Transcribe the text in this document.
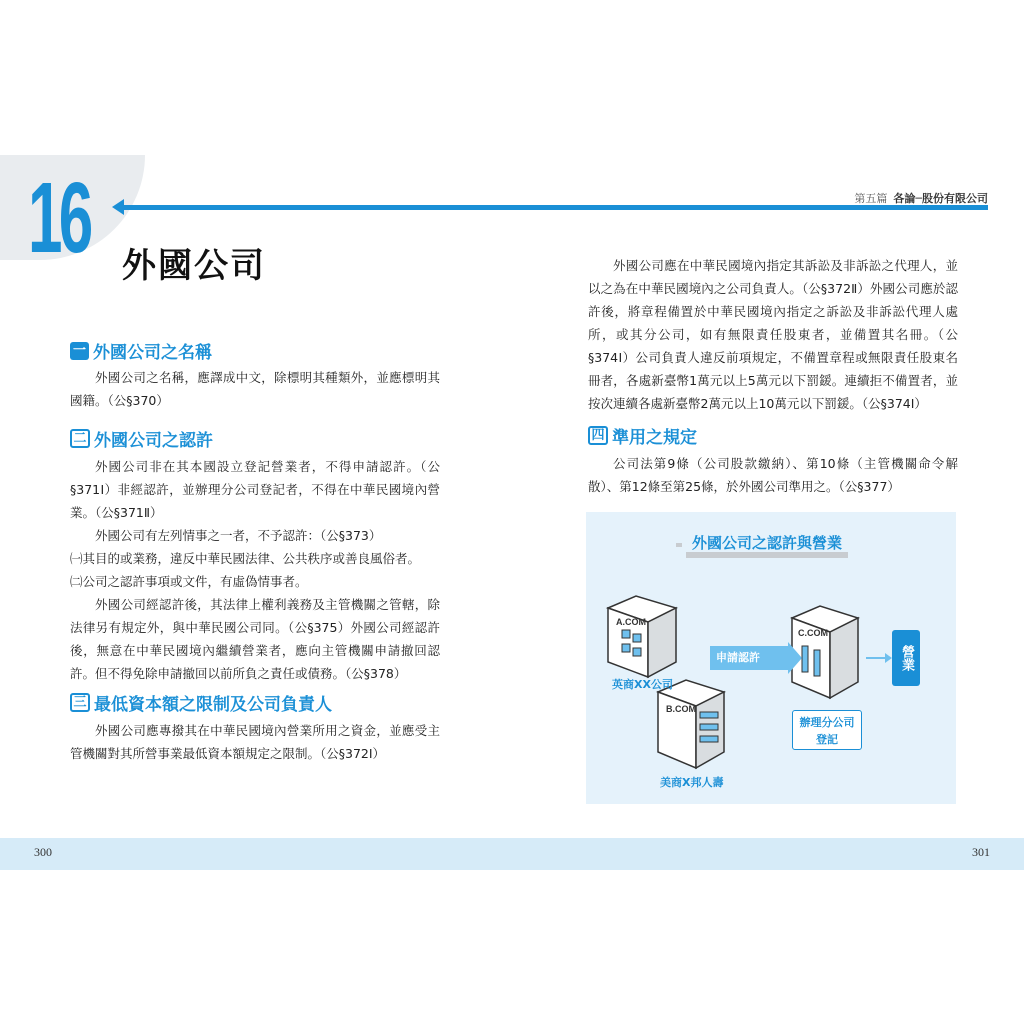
16 外國公司
第五篇 各論─股份有限公司
一 外國公司之名稱

外國公司之名稱，應譯成中文，除標明其種類外，並應標明其國籍。（公§370）

二 外國公司之認許

外國公司非在其本國設立登記營業者，不得申請認許。（公§371Ⅰ）非經認許，並辦理分公司登記者，不得在中華民國境內營業。（公§371Ⅱ）

外國公司有左列情事之一者，不予認許：（公§373）

㈠其目的或業務，違反中華民國法律、公共秩序或善良風俗者。

㈡公司之認許事項或文件，有虛偽情事者。

外國公司經認許後，其法律上權利義務及主管機關之管轄，除法律另有規定外，與中華民國公司同。（公§375）外國公司經認許後，無意在中華民國境內繼續營業者，應向主管機關申請撤回認許。但不得免除申請撤回以前所負之責任或債務。（公§378）

三 最低資本額之限制及公司負責人

外國公司應專撥其在中華民國境內營業所用之資金，並應受主管機關對其所營事業最低資本額規定之限制。（公§372Ⅰ）

外國公司應在中華民國境內指定其訴訟及非訴訟之代理人，並以之為在中華民國境內之公司負責人。（公§372Ⅱ）外國公司應於認許後，將章程備置於中華民國境內指定之訴訟及非訴訟代理人處所，或其分公司，如有無限責任股東者，並備置其名冊。（公§374Ⅰ）公司負責人違反前項規定，不備置章程或無限責任股東名冊者，各處新臺幣1萬元以上5萬元以下罰鍰。連續拒不備置者，並按次連續各處新臺幣2萬元以上10萬元以下罰鍰。（公§374Ⅰ）

四 準用之規定

公司法第9條（公司股款繳納）、第10條（主管機關命令解散）、第12條至第25條，於外國公司準用之。（公§377）

A.COM
B.COM
C.COM
外國公司之認許與營業
英商XX公司
美商X邦人壽
申請認許	營業
辦理分公司
登記
300	301
